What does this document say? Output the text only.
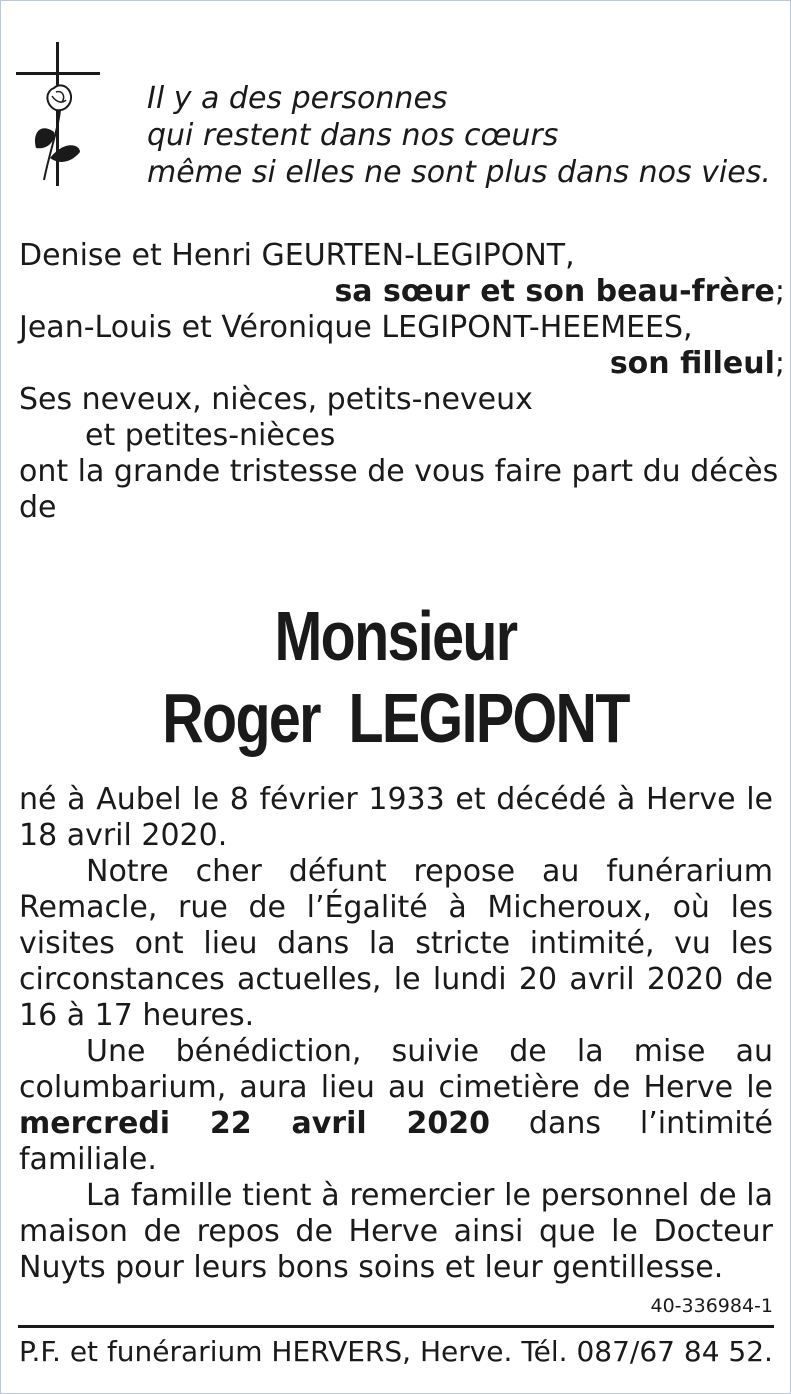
Il y a des personnes
qui restent dans nos cœurs
même si elles ne sont plus dans nos vies.
Denise et Henri GEURTEN-LEGIPONT,
sa sœur et son beau-frère;
Jean-Louis et Véronique LEGIPONT-HEEMEES,
son filleul;
Ses neveux, nièces, petits-neveux
et petites-nièces
ont la grande tristesse de vous faire part du décès
de
Monsieur
Roger  LEGIPONT

né à Aubel le 8 février 1933 et décédé à Herve le 18 avril 2020.

Notre cher défunt repose au funérarium Remacle, rue de l’Égalité à Micheroux, où les visites ont lieu dans la stricte intimité, vu les circonstances actuelles, le lundi 20 avril 2020 de 16 à 17 heures.

Une bénédiction, suivie de la mise au columbarium, aura lieu au cimetière de Herve le mercredi 22 avril 2020 dans l’intimité familiale.

La famille tient à remercier le personnel de la maison de repos de Herve ainsi que le Docteur Nuyts pour leurs bons soins et leur gentillesse.

40-336984-1
P.F. et funérarium HERVERS, Herve. Tél. 087/67 84 52.
